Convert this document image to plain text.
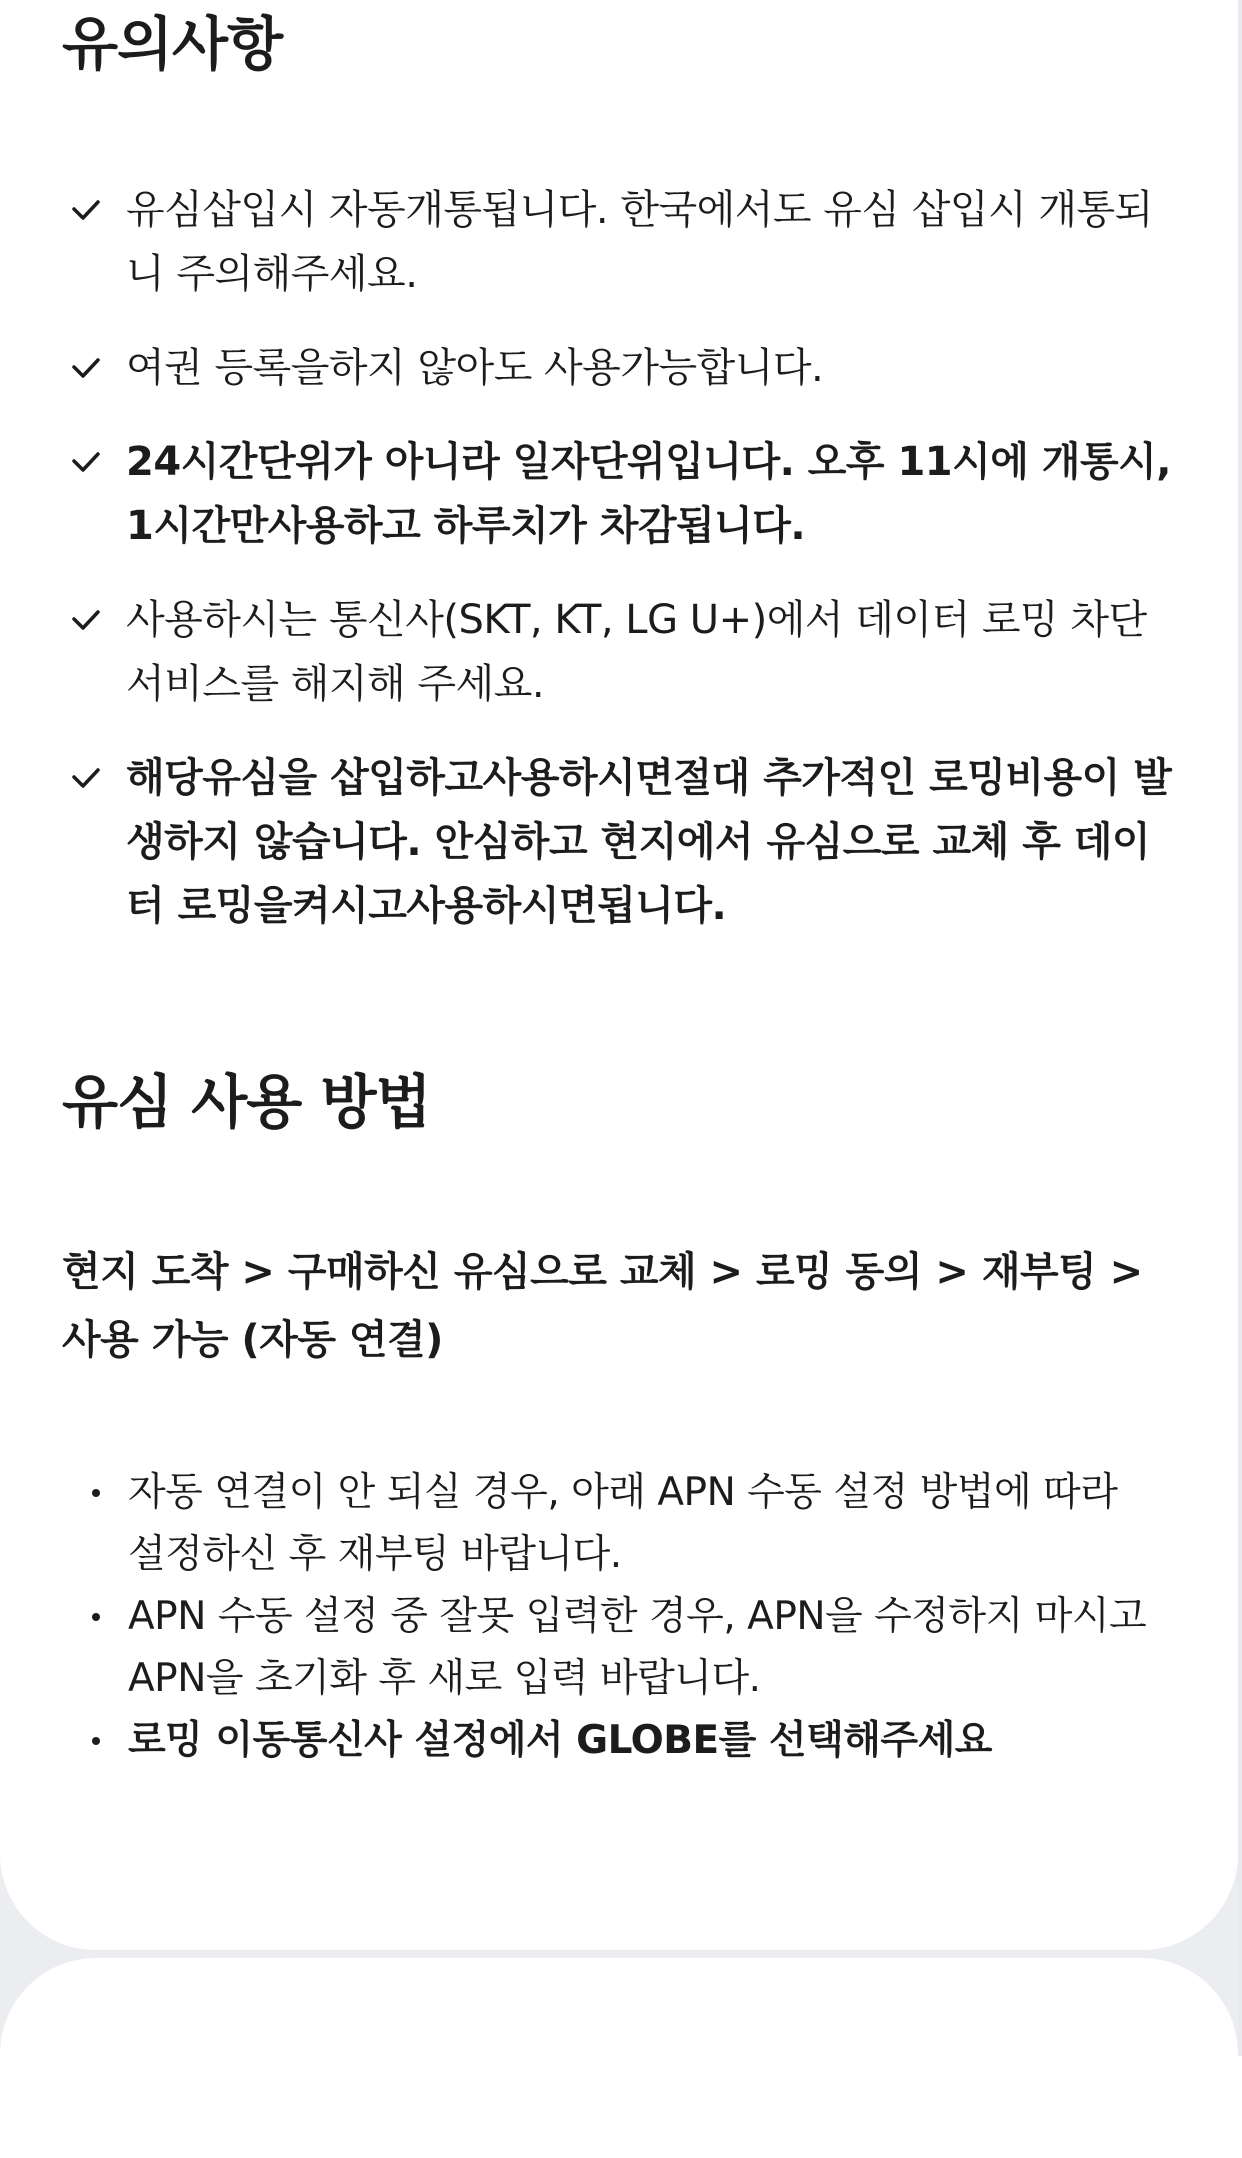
유의사항
유심삽입시 자동개통됩니다. 한국에서도 유심 삽입시 개통되니 주의해주세요.
여권 등록을하지 않아도 사용가능합니다.
24시간단위가 아니라 일자단위입니다. 오후 11시에 개통시, 1시간만사용하고 하루치가 차감됩니다.
사용하시는 통신사(SKT, KT, LG U+)에서 데이터 로밍 차단 서비스를 해지해 주세요.
해당유심을 삽입하고사용하시면절대 추가적인 로밍비용이 발생하지 않습니다. 안심하고 현지에서 유심으로 교체 후 데이터 로밍을켜시고사용하시면됩니다.
유심 사용 방법

현지 도착 > 구매하신 유심으로 교체 > 로밍 동의 > 재부팅 > 사용 가능 (자동 연결)

자동 연결이 안 되실 경우, 아래 APN 수동 설정 방법에 따라 설정하신 후 재부팅 바랍니다.
APN 수동 설정 중 잘못 입력한 경우, APN을 수정하지 마시고 APN을 초기화 후 새로 입력 바랍니다.
로밍 이동통신사 설정에서 GLOBE를 선택해주세요
